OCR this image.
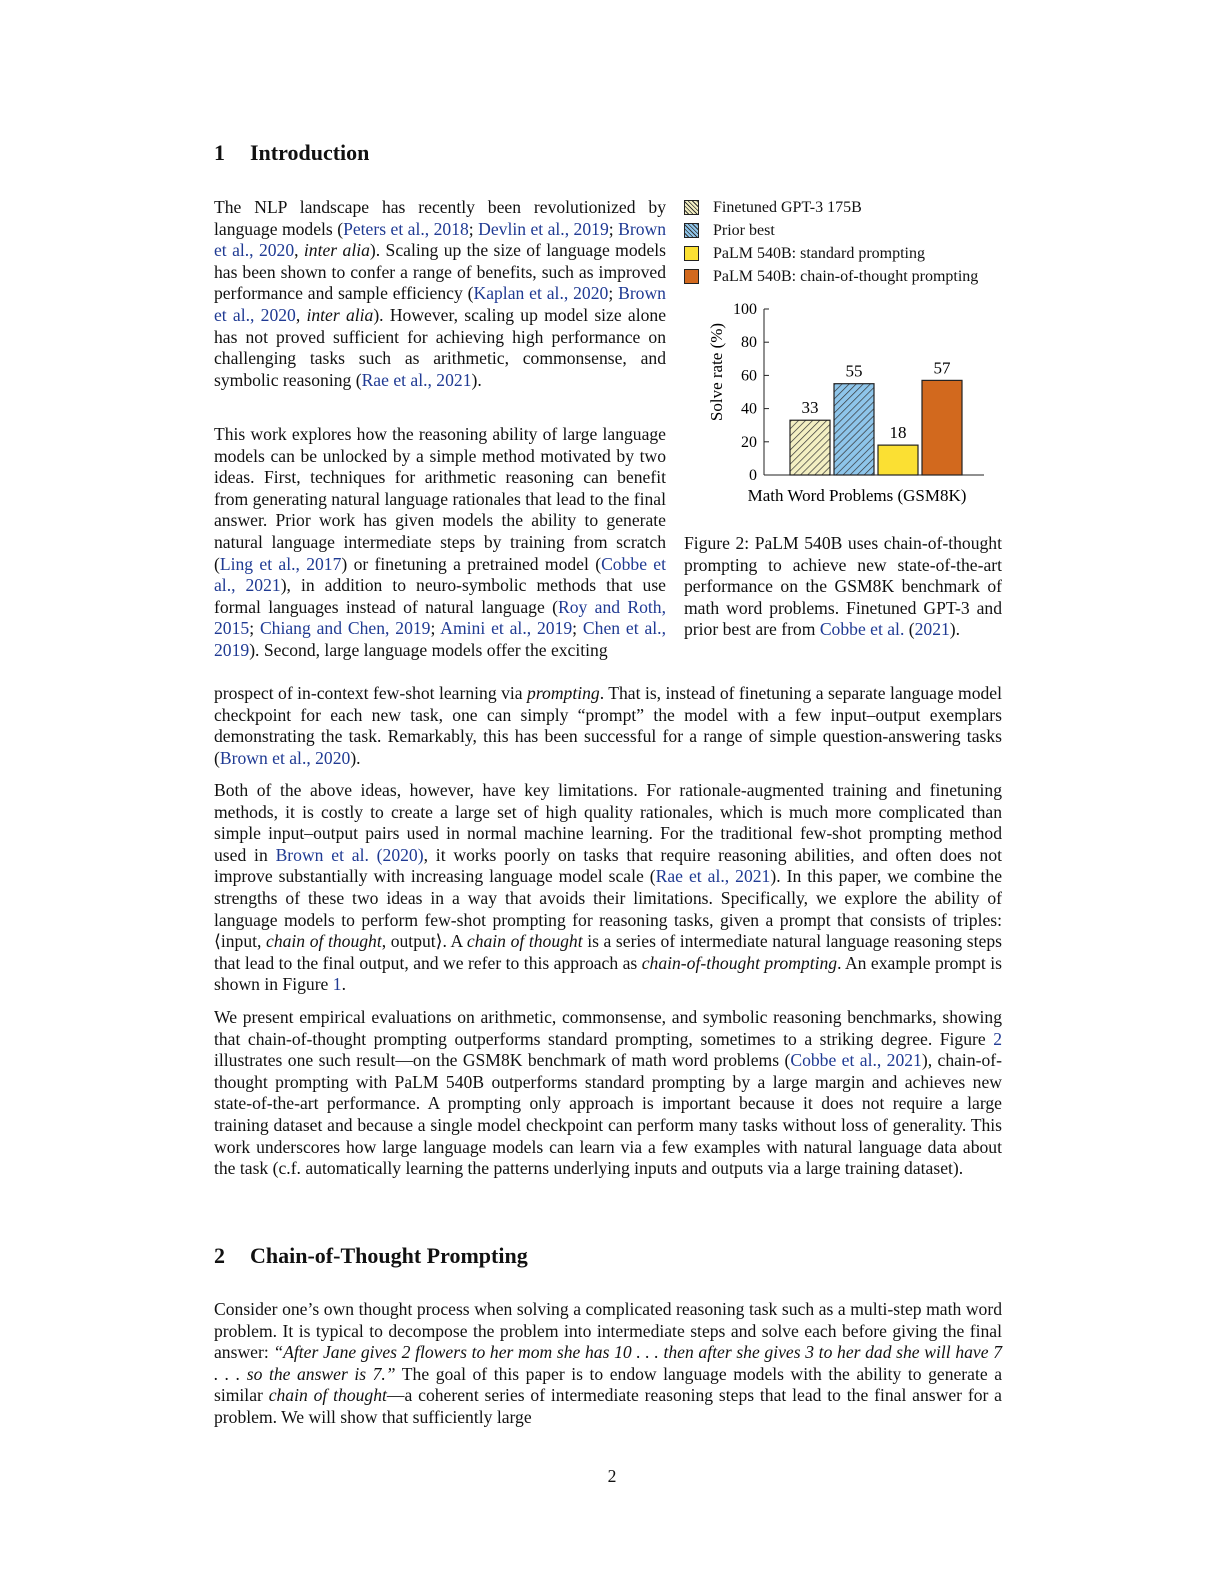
1 Introduction

The NLP landscape has recently been revolutionized by language models (Peters et al., 2018; Devlin et al., 2019; Brown et al., 2020, inter alia). Scaling up the size of language models has been shown to confer a range of benefits, such as improved performance and sample efficiency (Kaplan et al., 2020; Brown et al., 2020, inter alia). However, scaling up model size alone has not proved sufficient for achieving high performance on challenging tasks such as arithmetic, commonsense, and symbolic reasoning (Rae et al., 2021).

This work explores how the reasoning ability of large language models can be unlocked by a simple method motivated by two ideas. First, techniques for arithmetic reasoning can benefit from generating natural language rationales that lead to the final answer. Prior work has given models the ability to generate natural language intermediate steps by training from scratch (Ling et al., 2017) or finetuning a pretrained model (Cobbe et al., 2021), in addition to neuro-symbolic methods that use formal languages instead of natural language (Roy and Roth, 2015; Chiang and Chen, 2019; Amini et al., 2019; Chen et al., 2019). Second, large language models offer the exciting

prospect of in-context few-shot learning via prompting. That is, instead of finetuning a separate language model checkpoint for each new task, one can simply “prompt” the model with a few input–output exemplars demonstrating the task. Remarkably, this has been successful for a range of simple question-answering tasks (Brown et al., 2020).

Both of the above ideas, however, have key limitations. For rationale-augmented training and finetuning methods, it is costly to create a large set of high quality rationales, which is much more complicated than simple input–output pairs used in normal machine learning. For the traditional few-shot prompting method used in Brown et al. (2020), it works poorly on tasks that require reasoning abilities, and often does not improve substantially with increasing language model scale (Rae et al., 2021). In this paper, we combine the strengths of these two ideas in a way that avoids their limitations. Specifically, we explore the ability of language models to perform few-shot prompting for reasoning tasks, given a prompt that consists of triples: ⟨input, chain of thought, output⟩. A chain of thought is a series of intermediate natural language reasoning steps that lead to the final output, and we refer to this approach as chain-of-thought prompting. An example prompt is shown in Figure 1.

We present empirical evaluations on arithmetic, commonsense, and symbolic reasoning benchmarks, showing that chain-of-thought prompting outperforms standard prompting, sometimes to a striking degree. Figure 2 illustrates one such result—on the GSM8K benchmark of math word problems (Cobbe et al., 2021), chain-of-thought prompting with PaLM 540B outperforms standard prompting by a large margin and achieves new state-of-the-art performance. A prompting only approach is important because it does not require a large training dataset and because a single model checkpoint can perform many tasks without loss of generality. This work underscores how large language models can learn via a few examples with natural language data about the task (c.f. automatically learning the patterns underlying inputs and outputs via a large training dataset).

2 Chain-of-Thought Prompting

Consider one’s own thought process when solving a complicated reasoning task such as a multi-step math word problem. It is typical to decompose the problem into intermediate steps and solve each before giving the final answer: “After Jane gives 2 flowers to her mom she has 10 . . . then after she gives 3 to her dad she will have 7 . . . so the answer is 7.” The goal of this paper is to endow language models with the ability to generate a similar chain of thought—a coherent series of intermediate reasoning steps that lead to the final answer for a problem. We will show that sufficiently large

Finetuned GPT-3 175B
Prior best
PaLM 540B: standard prompting
PaLM 540B: chain-of-thought prompting
0
20
40
60
80
100
33
55
18
57
Solve rate (%)
Math Word Problems (GSM8K)

Figure 2: PaLM 540B uses chain-of-thought prompting to achieve new state-of-the-art performance on the GSM8K benchmark of math word problems. Finetuned GPT-3 and prior best are from Cobbe et al. (2021).

2
